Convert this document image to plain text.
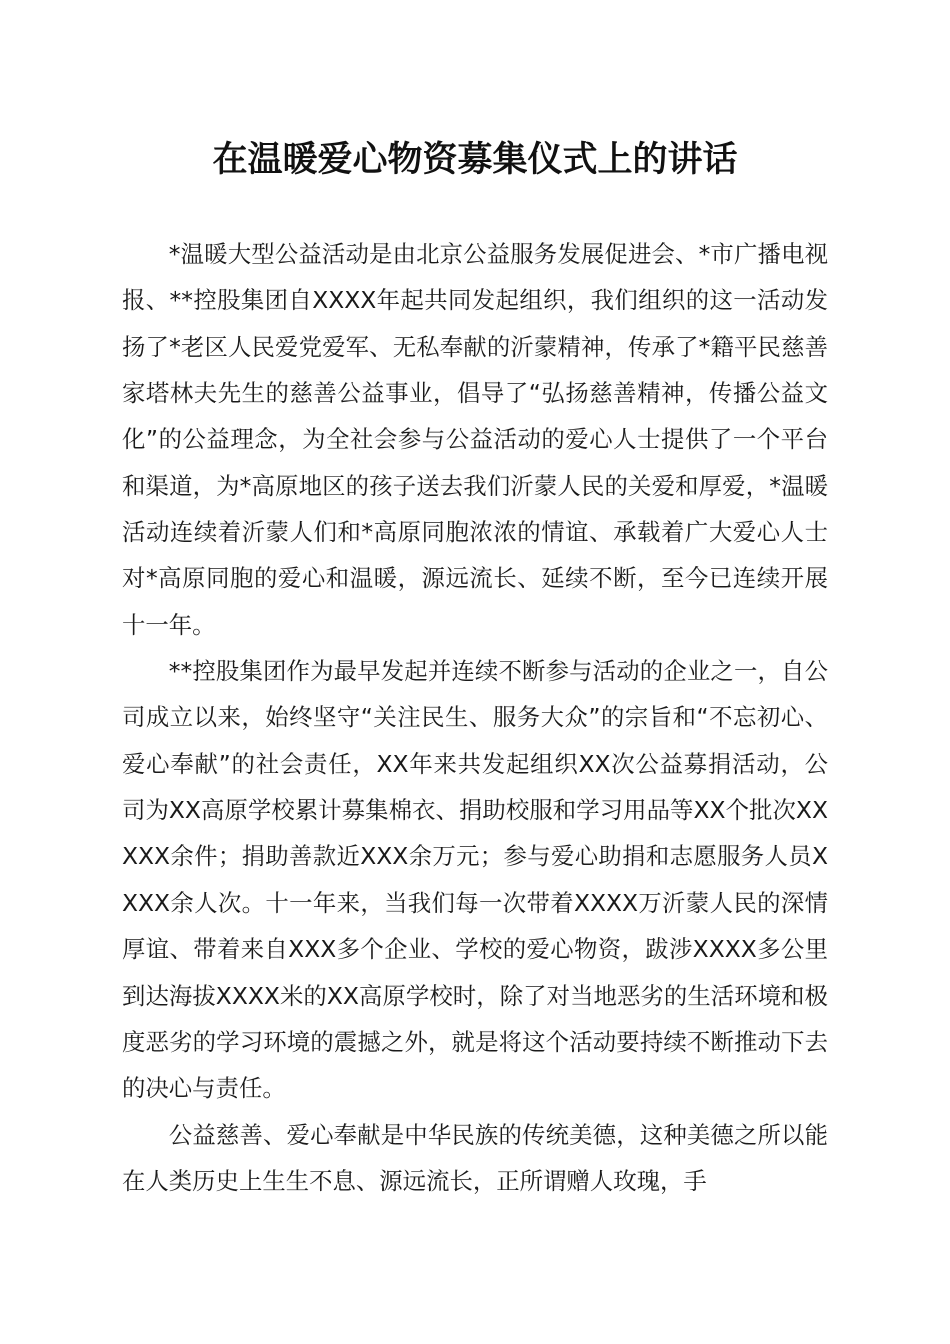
在温暖爱心物资募集仪式上的讲话

*温暖大型公益活动是由北京公益服务发展促进会、*市广播电视报、**控股集团自XXXX年起共同发起组织，我们组织的这一活动发扬了*老区人民爱党爱军、无私奉献的沂蒙精神，传承了*籍平民慈善家塔林夫先生的慈善公益事业，倡导了“弘扬慈善精神，传播公益文化”的公益理念，为全社会参与公益活动的爱心人士提供了一个平台和渠道，为*高原地区的孩子送去我们沂蒙人民的关爱和厚爱，*温暖活动连续着沂蒙人们和*高原同胞浓浓的情谊、承载着广大爱心人士对*高原同胞的爱心和温暖，源远流长、延续不断，至今已连续开展十一年。

**控股集团作为最早发起并连续不断参与活动的企业之一，自公司成立以来，始终坚守“关注民生、服务大众”的宗旨和“不忘初心、爱心奉献”的社会责任，XX年来共发起组织XX次公益募捐活动，公司为XX高原学校累计募集棉衣、捐助校服和学习用品等XX个批次XXXXX余件；捐助善款近XXX余万元；参与爱心助捐和志愿服务人员XXXX余人次。十一年来，当我们每一次带着XXXX万沂蒙人民的深情厚谊、带着来自XXX多个企业、学校的爱心物资，跋涉XXXX多公里到达海拔XXXX米的XX高原学校时，除了对当地恶劣的生活环境和极度恶劣的学习环境的震撼之外，就是将这个活动要持续不断推动下去的决心与责任。

公益慈善、爱心奉献是中华民族的传统美德，这种美德之所以能在人类历史上生生不息、源远流长，正所谓赠人玫瑰，手
